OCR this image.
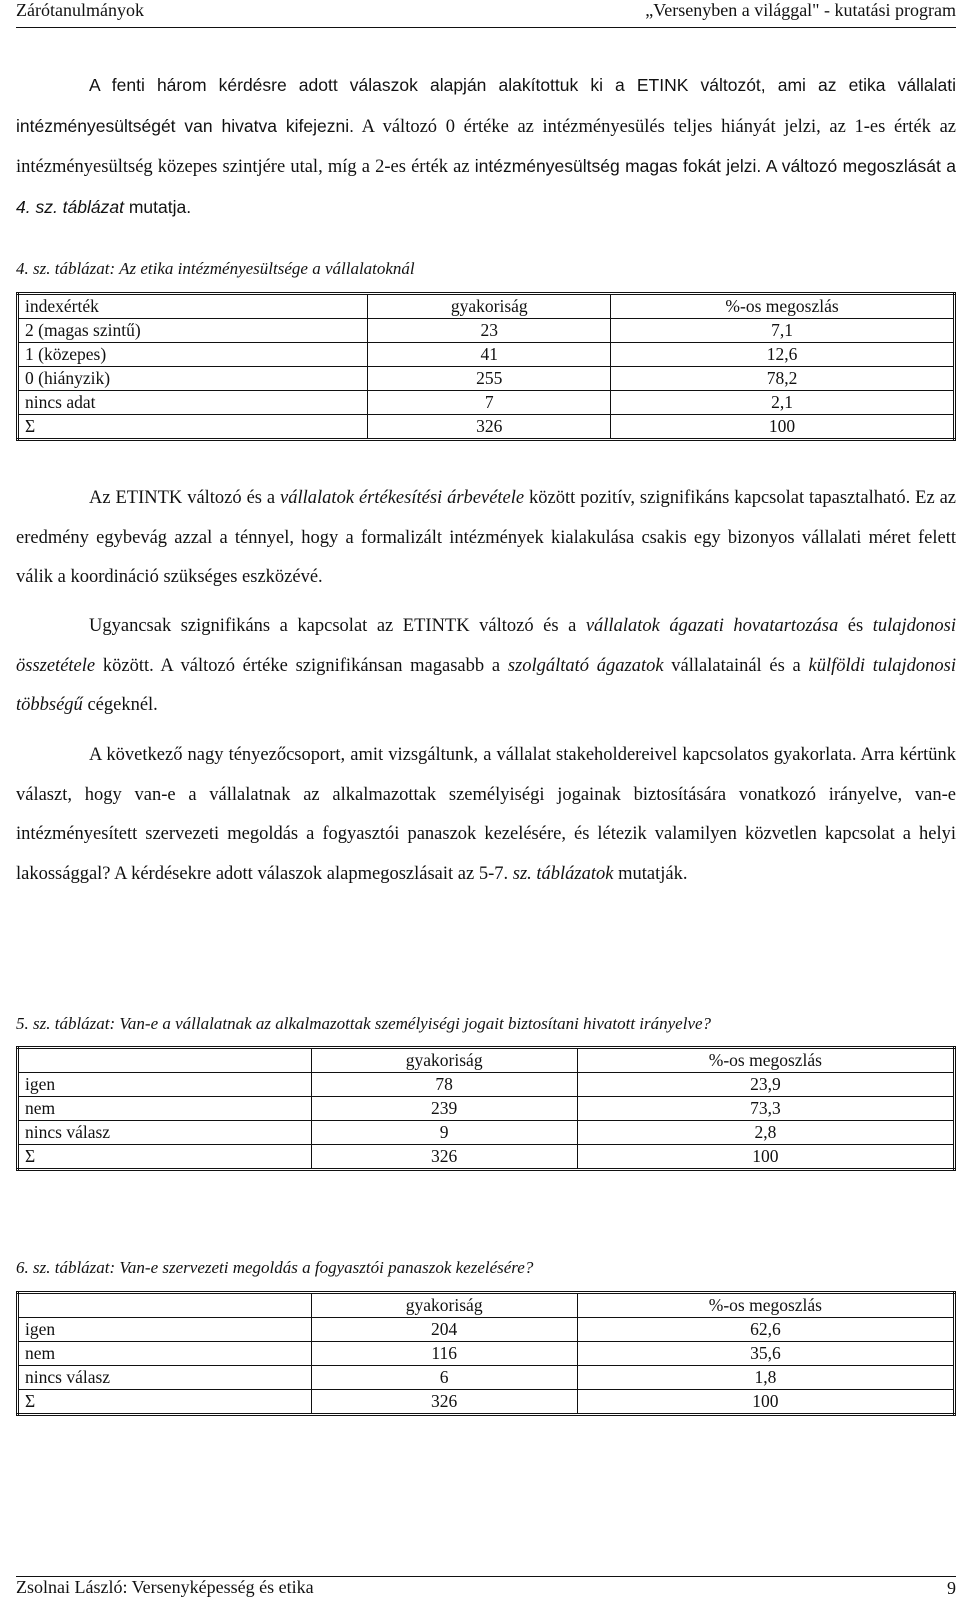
Zárótanulmányok	„Versenyben a világgal" - kutatási program

A fenti három kérdésre adott válaszok alapján alakítottuk ki a ETINK változót, ami az etika vállalati intézményesültségét van hivatva kifejezni. A változó 0 értéke az intézményesülés teljes hiányát jelzi, az 1-es érték az intézményesültség közepes szintjére utal, míg a 2-es érték az intézményesültség magas fokát jelzi. A változó megoszlását a 4. sz. táblázat mutatja.

4. sz. táblázat: Az etika intézményesültsége a vállalatoknál

indexérték	gyakoriság	%-os megoszlás
2 (magas szintű)	23	7,1
1 (közepes)	41	12,6
0 (hiányzik)	255	78,2
nincs adat	7	2,1
Σ	326	100

Az ETINTK változó és a vállalatok értékesítési árbevétele között pozitív, szignifikáns kapcsolat tapasztalható. Ez az eredmény egybevág azzal a ténnyel, hogy a formalizált intézmények kialakulása csakis egy bizonyos vállalati méret felett válik a koordináció szükséges eszközévé.

Ugyancsak szignifikáns a kapcsolat az ETINTK változó és a vállalatok ágazati hovatartozása és tulajdonosi összetétele között. A változó értéke szignifikánsan magasabb a szolgáltató ágazatok vállalatainál és a külföldi tulajdonosi többségű cégeknél.

A következő nagy tényezőcsoport, amit vizsgáltunk, a vállalat stakeholdereivel kapcsolatos gyakorlata. Arra kértünk választ, hogy van-e a vállalatnak az alkalmazottak személyiségi jogainak biztosítására vonatkozó irányelve, van-e intézményesített szervezeti megoldás a fogyasztói panaszok kezelésére, és létezik valamilyen közvetlen kapcsolat a helyi lakossággal? A kérdésekre adott válaszok alapmegoszlásait az 5-7. sz. táblázatok mutatják.

5. sz. táblázat: Van-e a vállalatnak az alkalmazottak személyiségi jogait biztosítani hivatott irányelve?

	gyakoriság	%-os megoszlás
igen	78	23,9
nem	239	73,3
nincs válasz	9	2,8
Σ	326	100

6. sz. táblázat: Van-e szervezeti megoldás a fogyasztói panaszok kezelésére?

	gyakoriság	%-os megoszlás
igen	204	62,6
nem	116	35,6
nincs válasz	6	1,8
Σ	326	100
Zsolnai László: Versenyképesség és etika	9
